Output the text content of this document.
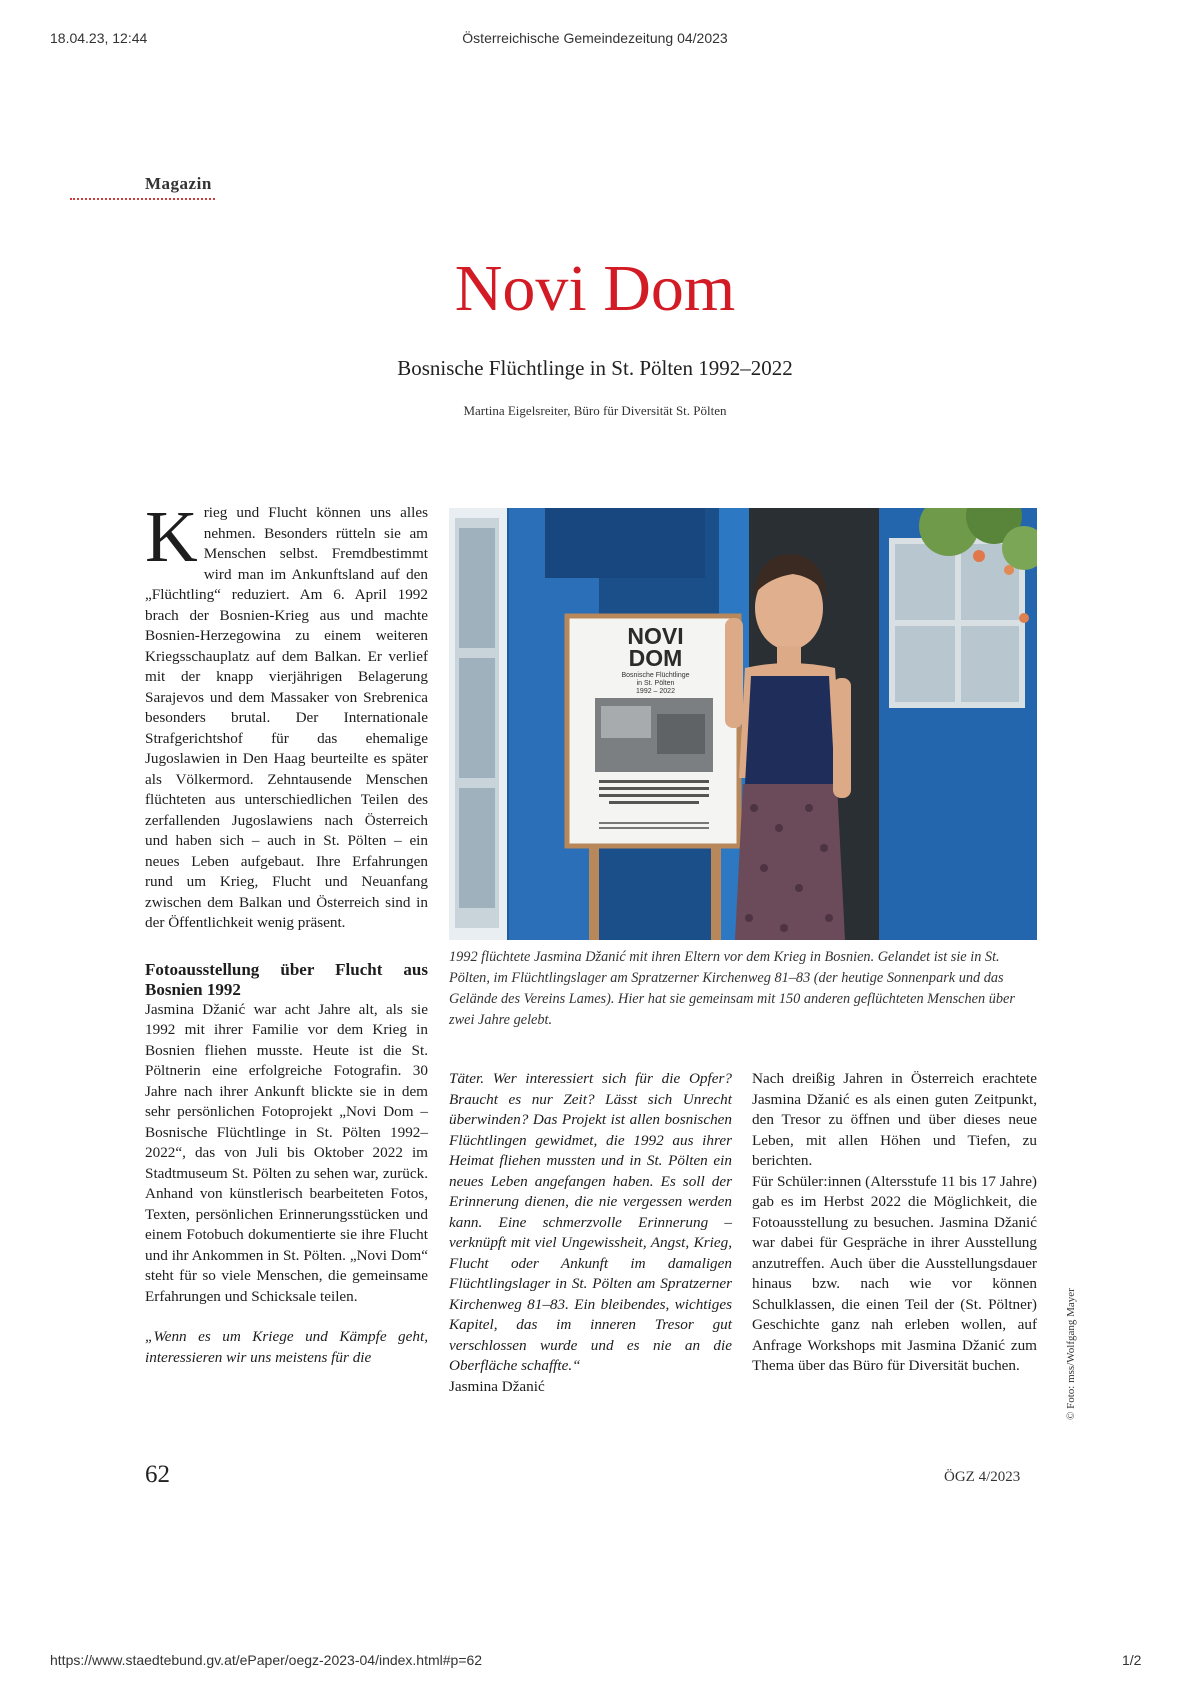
18.04.23, 12:44	Österreichische Gemeindezeitung 04/2023
Magazin
Novi Dom
Bosnische Flüchtlinge in St. Pölten 1992–2022
Martina Eigelsreiter, Büro für Diversität St. Pölten

Krieg und Flucht können uns alles nehmen. Besonders rütteln sie am Menschen selbst. Fremdbestimmt wird man im Ankunftsland auf den „Flüchtling“ reduziert. Am 6. April 1992 brach der Bosnien-Krieg aus und machte Bosnien-Herzegowina zu einem weiteren Kriegsschauplatz auf dem Balkan. Er verlief mit der knapp vierjährigen Belagerung Sarajevos und dem Massaker von Srebrenica besonders brutal. Der Internationale Strafgerichtshof für das ehemalige Jugoslawien in Den Haag beurteilte es später als Völkermord. Zehntausende Menschen flüchteten aus unterschiedlichen Teilen des zerfallenden Jugoslawiens nach Österreich und haben sich – auch in St. Pölten – ein neues Leben aufgebaut. Ihre Erfahrungen rund um Krieg, Flucht und Neuanfang zwischen dem Balkan und Österreich sind in der Öffentlichkeit wenig präsent.

Fotoausstellung über Flucht aus Bosnien 1992

Jasmina Džanić war acht Jahre alt, als sie 1992 mit ihrer Familie vor dem Krieg in Bosnien fliehen musste. Heute ist die St. Pöltnerin eine erfolgreiche Fotografin. 30 Jahre nach ihrer Ankunft blickte sie in dem sehr persönlichen Fotoprojekt „Novi Dom – Bosnische Flüchtlinge in St. Pölten 1992–2022“, das von Juli bis Oktober 2022 im Stadtmuseum St. Pölten zu sehen war, zurück. Anhand von künstlerisch bearbeiteten Fotos, Texten, persönlichen Erinnerungsstücken und einem Fotobuch dokumentierte sie ihre Flucht und ihr Ankommen in St. Pölten. „Novi Dom“ steht für so viele Menschen, die gemeinsame Erfahrungen und Schicksale teilen.

„Wenn es um Kriege und Kämpfe geht, interessieren wir uns meistens für die

NOVI
DOM
Bosnische Flüchtlinge
in St. Pölten
1992 – 2022
1992 flüchtete Jasmina Džanić mit ihren Eltern vor dem Krieg in Bosnien. Gelandet ist sie in St. Pölten, im Flüchtlingslager am Spratzerner Kirchenweg 81–83 (der heutige Sonnenpark und das Gelände des Vereins Lames). Hier hat sie gemeinsam mit 150 anderen geflüchteten Menschen über zwei Jahre gelebt.

Täter. Wer interessiert sich für die Opfer? Braucht es nur Zeit? Lässt sich Unrecht überwinden? Das Projekt ist allen bosnischen Flüchtlingen gewidmet, die 1992 aus ihrer Heimat fliehen mussten und in St. Pölten ein neues Leben angefangen haben. Es soll der Erinnerung dienen, die nie vergessen werden kann. Eine schmerzvolle Erinnerung – verknüpft mit viel Ungewissheit, Angst, Krieg, Flucht oder Ankunft im damaligen Flüchtlingslager in St. Pölten am Spratzerner Kirchenweg 81–83. Ein bleibendes, wichtiges Kapitel, das im inneren Tresor gut verschlossen wurde und es nie an die Oberfläche schaffte.“

Jasmina Džanić

Nach dreißig Jahren in Österreich erachtete Jasmina Džanić es als einen guten Zeitpunkt, den Tresor zu öffnen und über dieses neue Leben, mit allen Höhen und Tiefen, zu berichten.

Für Schüler:innen (Altersstufe 11 bis 17 Jahre) gab es im Herbst 2022 die Möglichkeit, die Fotoausstellung zu besuchen. Jasmina Džanić war dabei für Gespräche in ihrer Ausstellung anzutreffen. Auch über die Ausstellungsdauer hinaus bzw. nach wie vor können Schulklassen, die einen Teil der (St. Pöltner) Geschichte ganz nah erleben wollen, auf Anfrage Workshops mit Jasmina Džanić zum Thema über das Büro für Diversität buchen.	© Foto: mss/Wolfgang Mayer
62	ÖGZ 4/2023
https://www.staedtebund.gv.at/ePaper/oegz-2023-04/index.html#p=62	1/2
